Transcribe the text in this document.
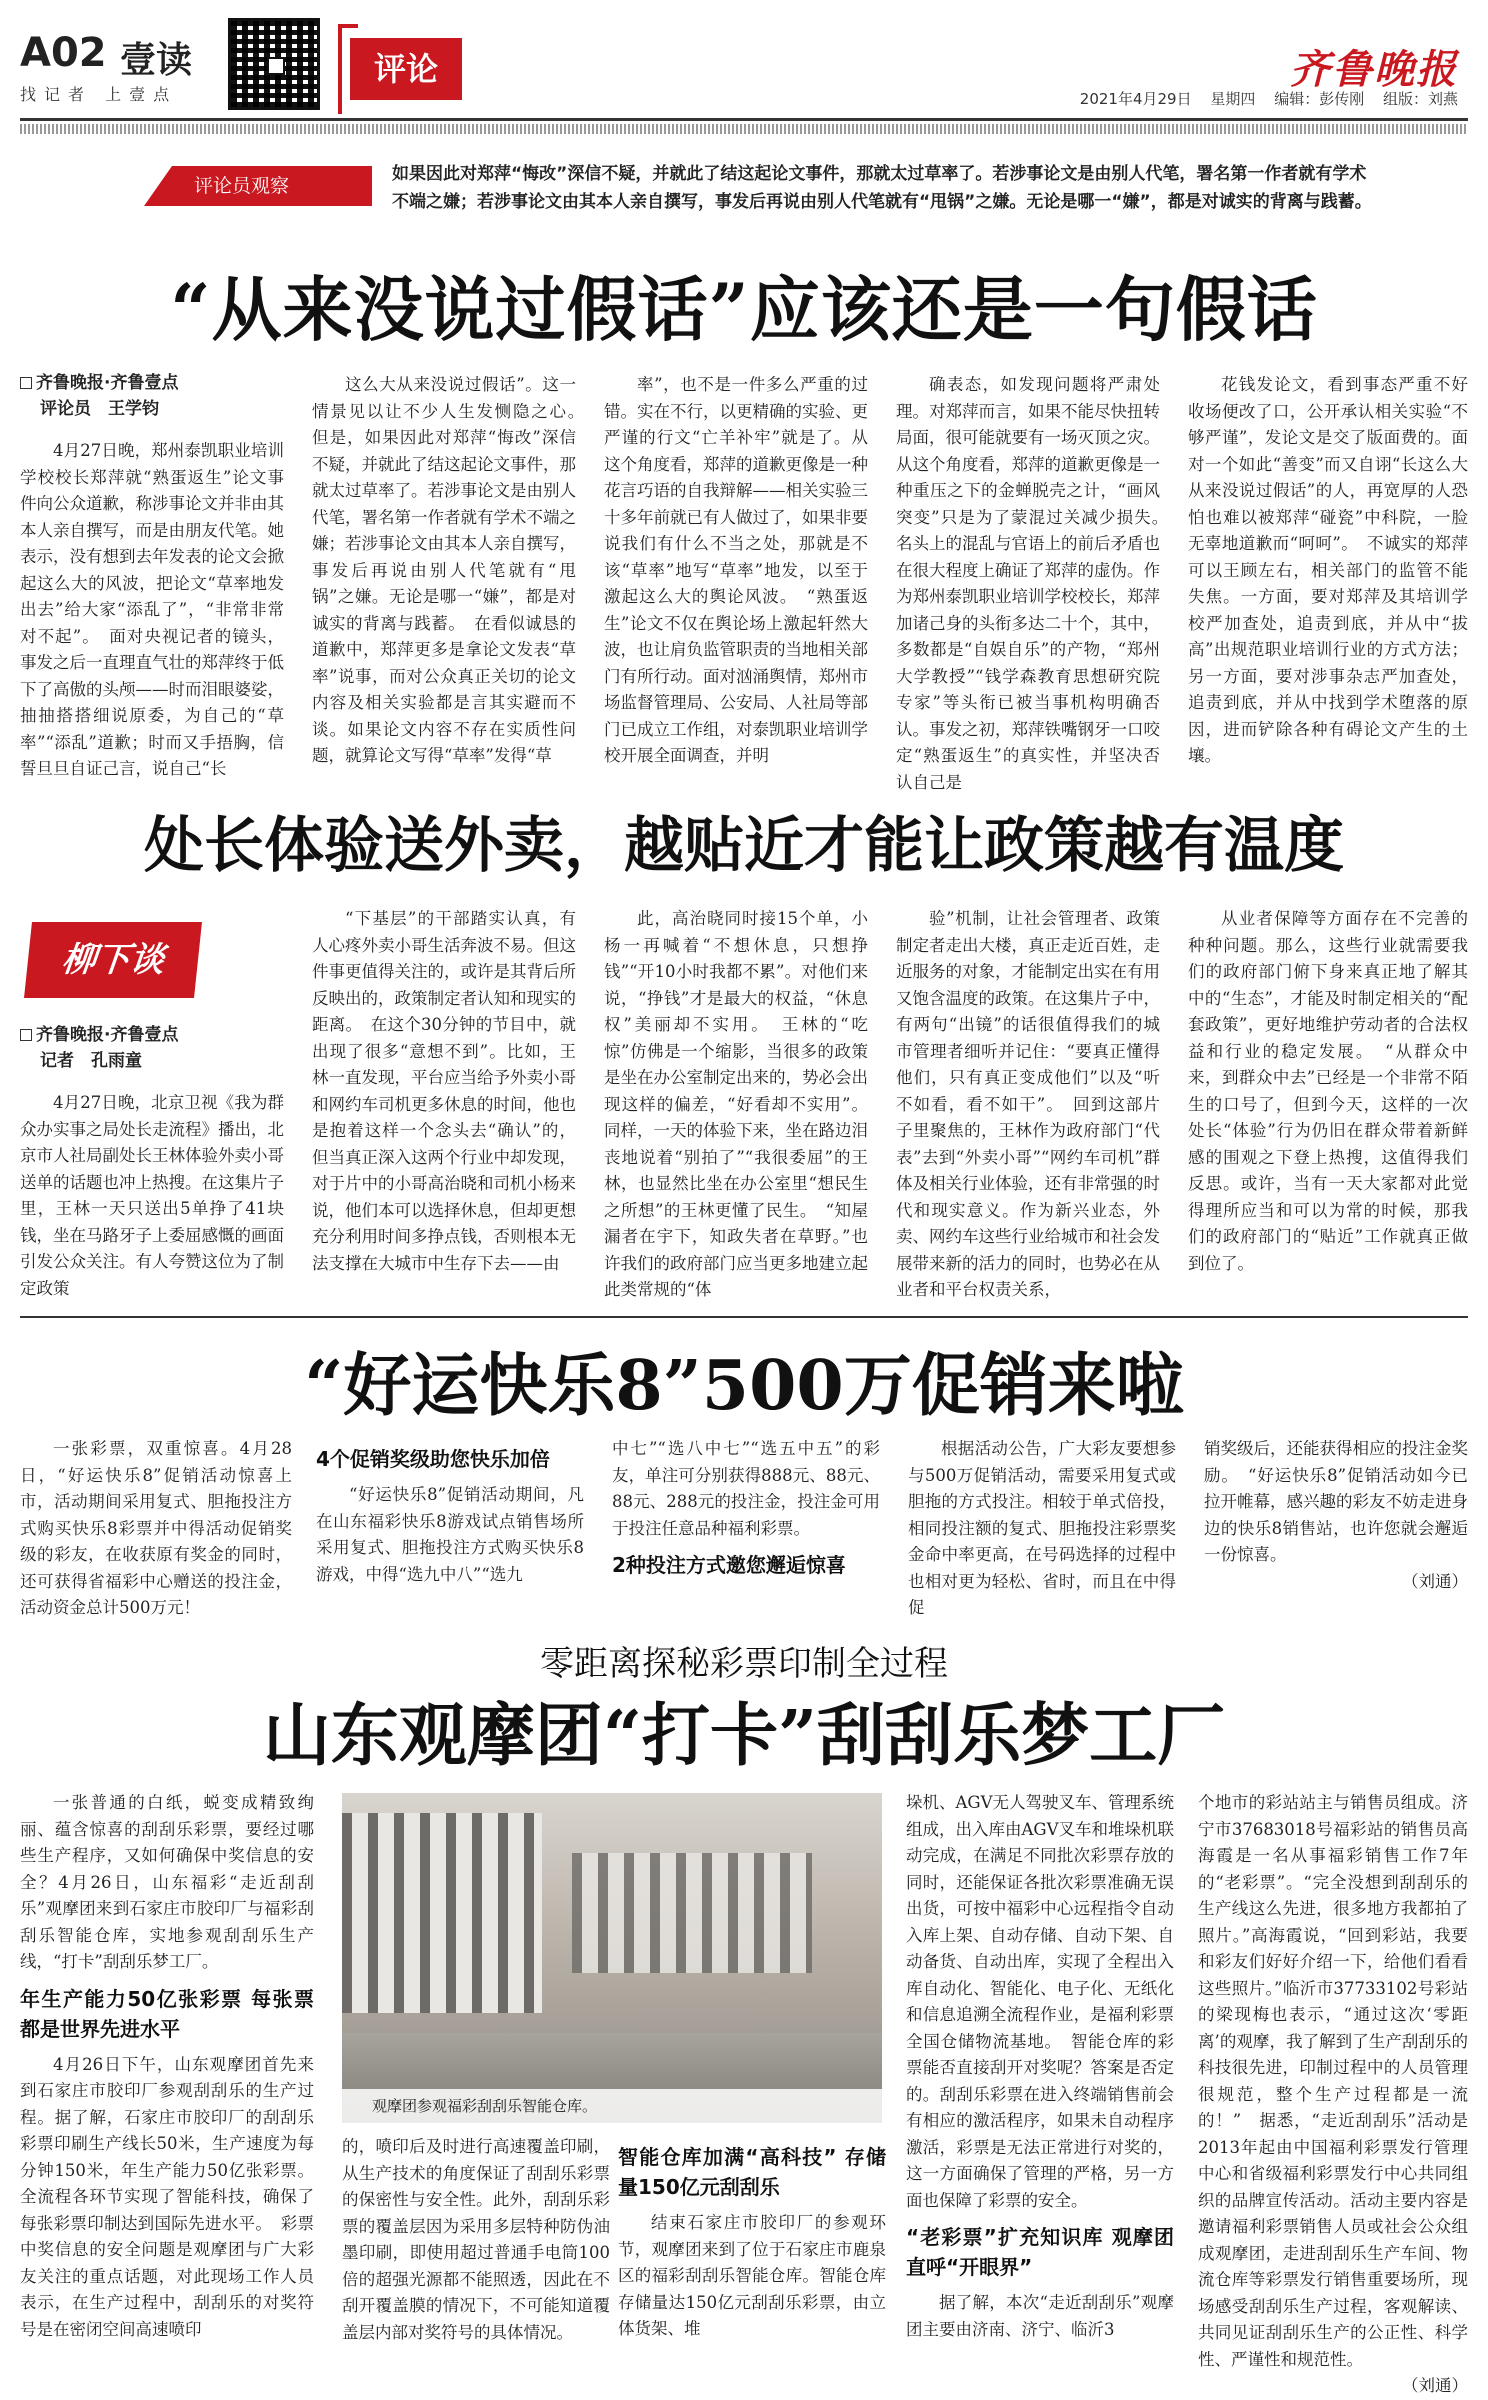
A02 壹读
找记者 上壹点
评论	齐鲁晚报
2021年4月29日 星期四 编辑：彭传刚 组版：刘燕
评论员观察
如果因此对郑萍“悔改”深信不疑，并就此了结这起论文事件，那就太过草率了。若涉事论文是由别人代笔，署名第一作者就有学术不端之嫌；若涉事论文由其本人亲自撰写，事发后再说由别人代笔就有“甩锅”之嫌。无论是哪一“嫌”，都是对诚实的背离与践蓄。
“从来没说过假话”应该还是一句假话
齐鲁晚报·齐鲁壹点
评论员　王学钧

4月27日晚，郑州泰凯职业培训学校校长郑萍就“熟蛋返生”论文事件向公众道歉，称涉事论文并非由其本人亲自撰写，而是由朋友代笔。她表示，没有想到去年发表的论文会掀起这么大的风波，把论文“草率地发出去”给大家“添乱了”，“非常非常对不起”。　面对央视记者的镜头，事发之后一直理直气壮的郑萍终于低下了高傲的头颅——时而泪眼婆娑，抽抽搭搭细说原委，为自己的“草率”“添乱”道歉；时而又手捂胸，信誓旦旦自证己言，说自己“长

这么大从来没说过假话”。这一情景见以让不少人生发恻隐之心。　但是，如果因此对郑萍“悔改”深信不疑，并就此了结这起论文事件，那就太过草率了。若涉事论文是由别人代笔，署名第一作者就有学术不端之嫌；若涉事论文由其本人亲自撰写，事发后再说由别人代笔就有“甩锅”之嫌。无论是哪一“嫌”，都是对诚实的背离与践蓄。　在看似诚恳的道歉中，郑萍更多是拿论文发表“草率”说事，而对公众真正关切的论文内容及相关实验都是言其实避而不谈。如果论文内容不存在实质性问题，就算论文写得“草率”发得“草

率”，也不是一件多么严重的过错。实在不行，以更精确的实验、更严谨的行文“亡羊补牢”就是了。从这个角度看，郑萍的道歉更像是一种花言巧语的自我辩解——相关实验三十多年前就已有人做过了，如果非要说我们有什么不当之处，那就是不该“草率”地写“草率”地发，以至于激起这么大的舆论风波。　“熟蛋返生”论文不仅在舆论场上激起轩然大波，也让肩负监管职责的当地相关部门有所行动。面对汹涌舆情，郑州市场监督管理局、公安局、人社局等部门已成立工作组，对泰凯职业培训学校开展全面调查，并明

确表态，如发现问题将严肃处理。对郑萍而言，如果不能尽快扭转局面，很可能就要有一场灭顶之灾。从这个角度看，郑萍的道歉更像是一种重压之下的金蝉脱壳之计，“画风突变”只是为了蒙混过关减少损失。　名头上的混乱与官语上的前后矛盾也在很大程度上确证了郑萍的虚伪。作为郑州泰凯职业培训学校校长，郑萍加诸己身的头衔多达二十个，其中，多数都是“自娱自乐”的产物，“郑州大学教授”“钱学森教育思想研究院专家”等头衔已被当事机构明确否认。事发之初，郑萍铁嘴钢牙一口咬定“熟蛋返生”的真实性，并坚决否认自己是

花钱发论文，看到事态严重不好收场便改了口，公开承认相关实验“不够严谨”，发论文是交了版面费的。面对一个如此“善变”而又自诩“长这么大从来没说过假话”的人，再宽厚的人恐怕也难以被郑萍“碰瓷”中科院，一脸无辜地道歉而“呵呵”。　不诚实的郑萍可以王顾左右，相关部门的监管不能失焦。一方面，要对郑萍及其培训学校严加查处，追责到底，并从中“拔高”出规范职业培训行业的方式方法；另一方面，要对涉事杂志严加查处，追责到底，并从中找到学术堕落的原因，进而铲除各种有碍论文产生的土壤。

处长体验送外卖，越贴近才能让政策越有温度
柳下谈
齐鲁晚报·齐鲁壹点
记者　孔雨童

4月27日晚，北京卫视《我为群众办实事之局处长走流程》播出，北京市人社局副处长王林体验外卖小哥送单的话题也冲上热搜。在这集片子里，王林一天只送出5单挣了41块钱，坐在马路牙子上委屈感慨的画面引发公众关注。有人夸赞这位为了制定政策

“下基层”的干部踏实认真，有人心疼外卖小哥生活奔波不易。但这件事更值得关注的，或许是其背后所反映出的，政策制定者认知和现实的距离。　在这个30分钟的节目中，就出现了很多“意想不到”。比如，王林一直发现，平台应当给予外卖小哥和网约车司机更多休息的时间，他也是抱着这样一个念头去“确认”的，但当真正深入这两个行业中却发现，对于片中的小哥高治晓和司机小杨来说，他们本可以选择休息，但却更想充分利用时间多挣点钱，否则根本无法支撑在大城市中生存下去——由

此，高治晓同时接15个单，小杨一再喊着“不想休息，只想挣钱”“开10小时我都不累”。对他们来说，“挣钱”才是最大的权益，“休息权”美丽却不实用。　王林的“吃惊”仿佛是一个缩影，当很多的政策是坐在办公室制定出来的，势必会出现这样的偏差，“好看却不实用”。同样，一天的体验下来，坐在路边泪丧地说着“别拍了”“我很委屈”的王林，也显然比坐在办公室里“想民生之所想”的王林更懂了民生。　“知屋漏者在宇下，知政失者在草野。”也许我们的政府部门应当更多地建立起此类常规的“体

验”机制，让社会管理者、政策制定者走出大楼，真正走近百姓，走近服务的对象，才能制定出实在有用又饱含温度的政策。在这集片子中，有两句“出镜”的话很值得我们的城市管理者细听并记住：“要真正懂得他们，只有真正变成他们”以及“听不如看，看不如干”。　回到这部片子里聚焦的，王林作为政府部门“代表”去到“外卖小哥”“网约车司机”群体及相关行业体验，还有非常强的时代和现实意义。作为新兴业态，外卖、网约车这些行业给城市和社会发展带来新的活力的同时，也势必在从业者和平台权责关系，

从业者保障等方面存在不完善的种种问题。那么，这些行业就需要我们的政府部门俯下身来真正地了解其中的“生态”，才能及时制定相关的“配套政策”，更好地维护劳动者的合法权益和行业的稳定发展。　“从群众中来，到群众中去”已经是一个非常不陌生的口号了，但到今天，这样的一次处长“体验”行为仍旧在群众带着新鲜感的围观之下登上热搜，这值得我们反思。或许，当有一天大家都对此觉得理所应当和可以为常的时候，那我们的政府部门的“贴近”工作就真正做到位了。

“好运快乐8”500万促销来啦

一张彩票，双重惊喜。4月28日，“好运快乐8”促销活动惊喜上市，活动期间采用复式、胆拖投注方式购买快乐8彩票并中得活动促销奖级的彩友，在收获原有奖金的同时，还可获得省福彩中心赠送的投注金，活动资金总计500万元！

4个促销奖级助您快乐加倍

“好运快乐8”促销活动期间，凡在山东福彩快乐8游戏试点销售场所采用复式、胆拖投注方式购买快乐8游戏，中得“选九中八”“选九

中七”“选八中七”“选五中五”的彩友，单注可分别获得888元、88元、88元、288元的投注金，投注金可用于投注任意品种福利彩票。

2种投注方式邀您邂逅惊喜

根据活动公告，广大彩友要想参与500万促销活动，需要采用复式或胆拖的方式投注。相较于单式倍投，相同投注额的复式、胆拖投注彩票奖金命中率更高，在号码选择的过程中也相对更为轻松、省时，而且在中得促

销奖级后，还能获得相应的投注金奖励。　“好运快乐8”促销活动如今已拉开帷幕，感兴趣的彩友不妨走进身边的快乐8销售站，也许您就会邂逅一份惊喜。

（刘通）
零距离探秘彩票印制全过程
山东观摩团“打卡”刮刮乐梦工厂

一张普通的白纸，蜕变成精致绚丽、蕴含惊喜的刮刮乐彩票，要经过哪些生产程序，又如何确保中奖信息的安全？4月26日，山东福彩“走近刮刮乐”观摩团来到石家庄市胶印厂与福彩刮刮乐智能仓库，实地参观刮刮乐生产线，“打卡”刮刮乐梦工厂。

年生产能力50亿张彩票 每张票都是世界先进水平

4月26日下午，山东观摩团首先来到石家庄市胶印厂参观刮刮乐的生产过程。据了解，石家庄市胶印厂的刮刮乐彩票印刷生产线长50米，生产速度为每分钟150米，年生产能力50亿张彩票。全流程各环节实现了智能科技，确保了每张彩票印制达到国际先进水平。　彩票中奖信息的安全问题是观摩团与广大彩友关注的重点话题，对此现场工作人员表示，在生产过程中，刮刮乐的对奖符号是在密闭空间高速喷印

观摩团参观福彩刮刮乐智能仓库。

的，喷印后及时进行高速覆盖印刷，从生产技术的角度保证了刮刮乐彩票的保密性与安全性。此外，刮刮乐彩票的覆盖层因为采用多层特种防伪油墨印刷，即使用超过普通手电筒100倍的超强光源都不能照透，因此在不刮开覆盖膜的情况下，不可能知道覆盖层内部对奖符号的具体情况。

智能仓库加满“高科技” 存储量150亿元刮刮乐

结束石家庄市胶印厂的参观环节，观摩团来到了位于石家庄市鹿泉区的福彩刮刮乐智能仓库。智能仓库存储量达150亿元刮刮乐彩票，由立体货架、堆

垛机、AGV无人驾驶叉车、管理系统组成，出入库由AGV叉车和堆垛机联动完成，在满足不同批次彩票存放的同时，还能保证各批次彩票准确无误出货，可按中福彩中心远程指令自动入库上架、自动存储、自动下架、自动备货、自动出库，实现了全程出入库自动化、智能化、电子化、无纸化和信息追溯全流程作业，是福利彩票全国仓储物流基地。　智能仓库的彩票能否直接刮开对奖呢？答案是否定的。刮刮乐彩票在进入终端销售前会有相应的激活程序，如果未自动程序激活，彩票是无法正常进行对奖的，这一方面确保了管理的严格，另一方面也保障了彩票的安全。

“老彩票”扩充知识库 观摩团直呼“开眼界”

据了解，本次“走近刮刮乐”观摩团主要由济南、济宁、临沂3

个地市的彩站站主与销售员组成。济宁市37683018号福彩站的销售员高海霞是一名从事福彩销售工作7年的“老彩票”。“完全没想到刮刮乐的生产线这么先进，很多地方我都拍了照片。”高海霞说，“回到彩站，我要和彩友们好好介绍一下，给他们看看这些照片。”临沂市37733102号彩站的梁现梅也表示，“通过这次‘零距离’的观摩，我了解到了生产刮刮乐的科技很先进，印制过程中的人员管理很规范，整个生产过程都是一流的！”　据悉，“走近刮刮乐”活动是2013年起由中国福利彩票发行管理中心和省级福利彩票发行中心共同组织的品牌宣传活动。活动主要内容是邀请福利彩票销售人员或社会公众组成观摩团，走进刮刮乐生产车间、物流仓库等彩票发行销售重要场所，现场感受刮刮乐生产过程，客观解读、共同见证刮刮乐生产的公正性、科学性、严谨性和规范性。

（刘通）
